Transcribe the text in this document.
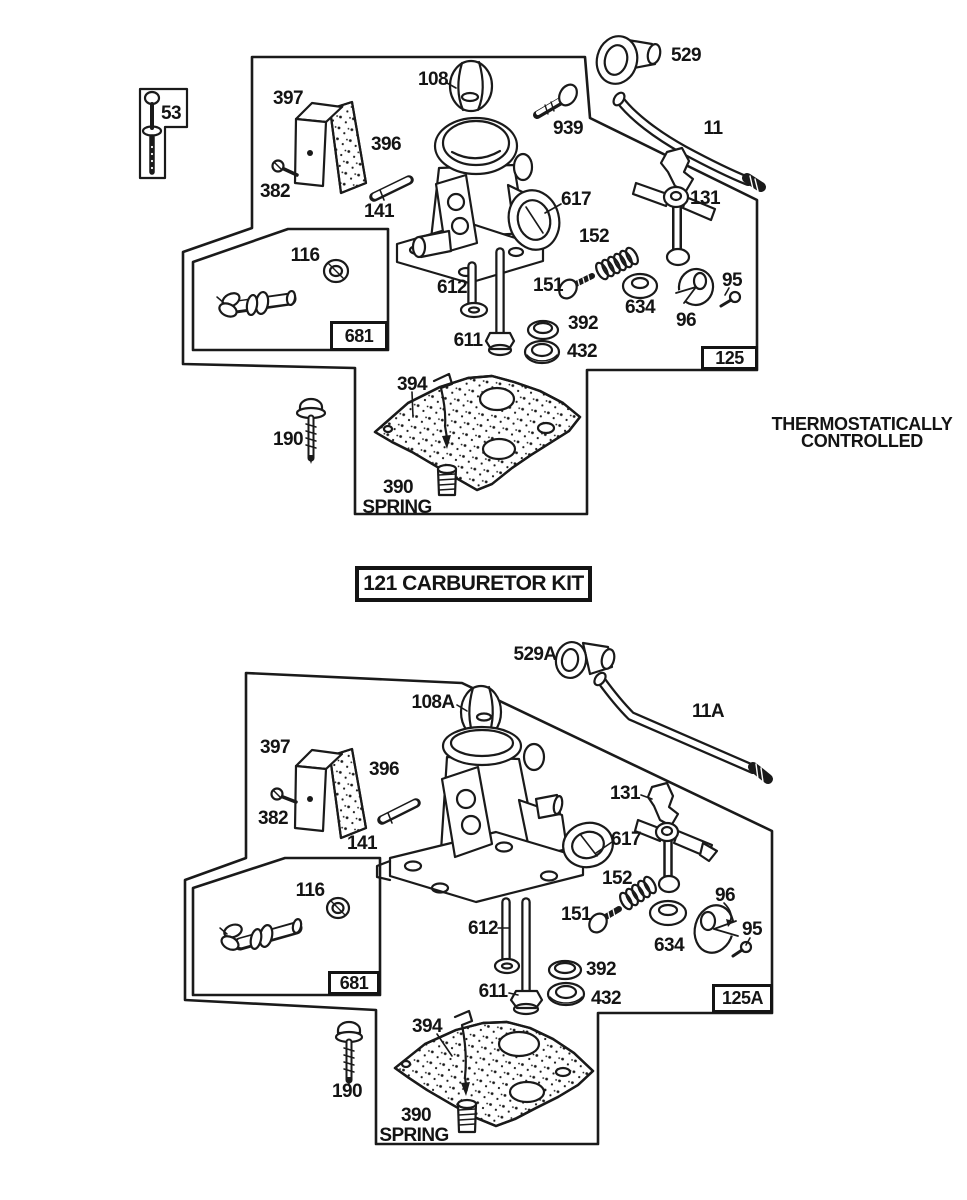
53
397
396
382
141
108
939
529
11
131
617
152
151
612
611
392
432
634
96
95
116
394
190
390
SPRING
681
125
THERMOSTATICALLY
CONTROLLED
121 CARBURETOR KIT
529A
108A	11A
397
396
382
141
131
617
152
151
612
611
392
432
634
96
95
116
394
190
390
SPRING
681
125A
